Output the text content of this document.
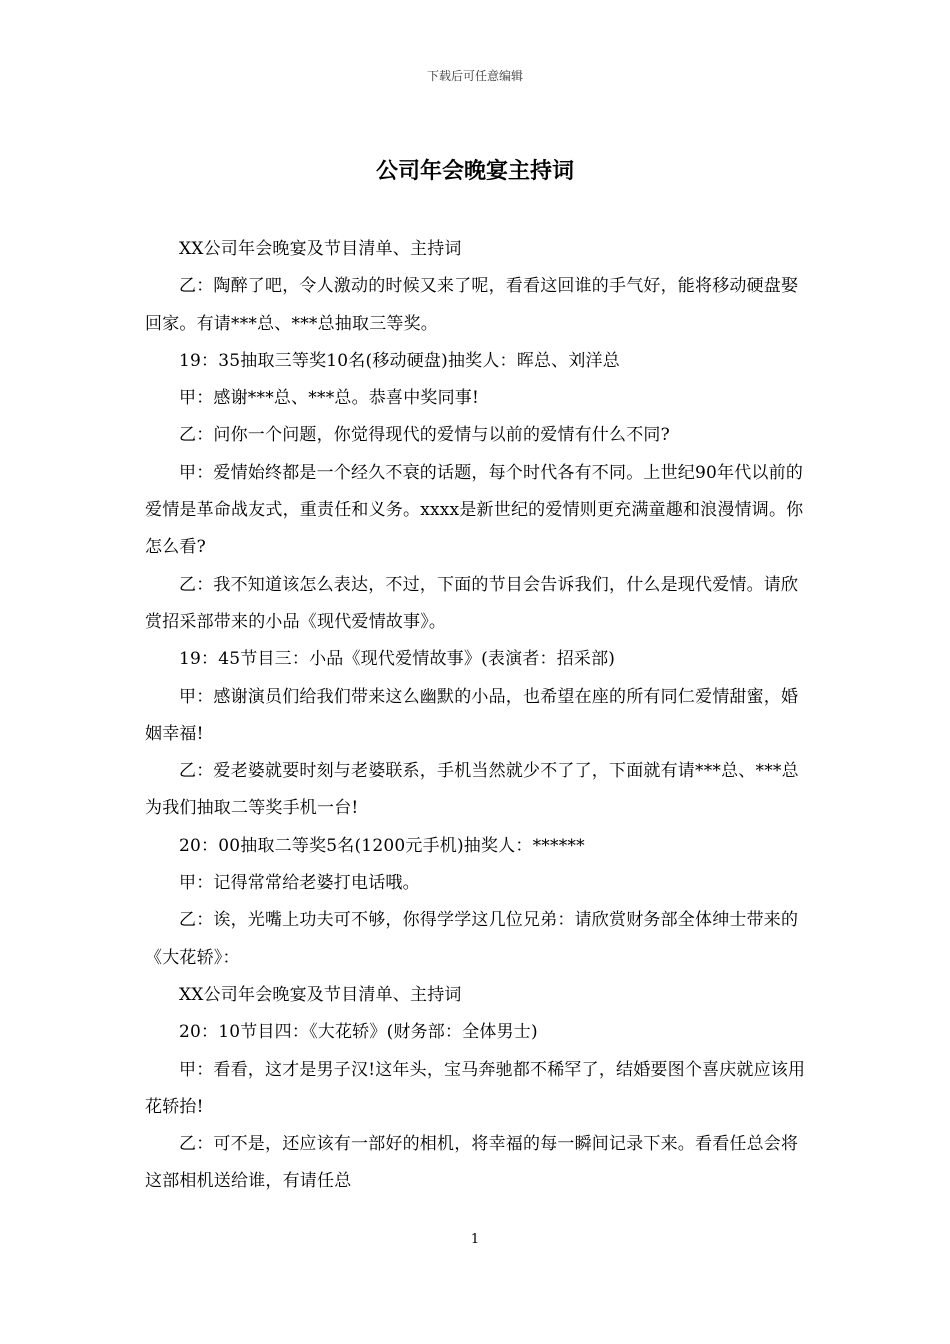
下载后可任意编辑
公司年会晚宴主持词

XX公司年会晚宴及节目清单、主持词

乙：陶醉了吧，令人激动的时候又来了呢，看看这回谁的手气好，能将移动硬盘娶回家。有请***总、***总抽取三等奖。

19：35抽取三等奖10名(移动硬盘)抽奖人：晖总、刘洋总

甲：感谢***总、***总。恭喜中奖同事!

乙：问你一个问题，你觉得现代的爱情与以前的爱情有什么不同?

甲：爱情始终都是一个经久不衰的话题，每个时代各有不同。上世纪90年代以前的爱情是革命战友式，重责任和义务。xxxx是新世纪的爱情则更充满童趣和浪漫情调。你怎么看?

乙：我不知道该怎么表达，不过，下面的节目会告诉我们，什么是现代爱情。请欣赏招采部带来的小品《现代爱情故事》。

19：45节目三：小品《现代爱情故事》(表演者：招采部)

甲：感谢演员们给我们带来这么幽默的小品，也希望在座的所有同仁爱情甜蜜，婚姻幸福!

乙：爱老婆就要时刻与老婆联系，手机当然就少不了了，下面就有请***总、***总为我们抽取二等奖手机一台!

20：00抽取二等奖5名(1200元手机)抽奖人：******

甲：记得常常给老婆打电话哦。

乙：诶，光嘴上功夫可不够，你得学学这几位兄弟：请欣赏财务部全体绅士带来的《大花轿》：

XX公司年会晚宴及节目清单、主持词

20：10节目四：《大花轿》(财务部：全体男士)

甲：看看，这才是男子汉!这年头，宝马奔驰都不稀罕了，结婚要图个喜庆就应该用花轿抬!

乙：可不是，还应该有一部好的相机，将幸福的每一瞬间记录下来。看看任总会将这部相机送给谁，有请任总

1
